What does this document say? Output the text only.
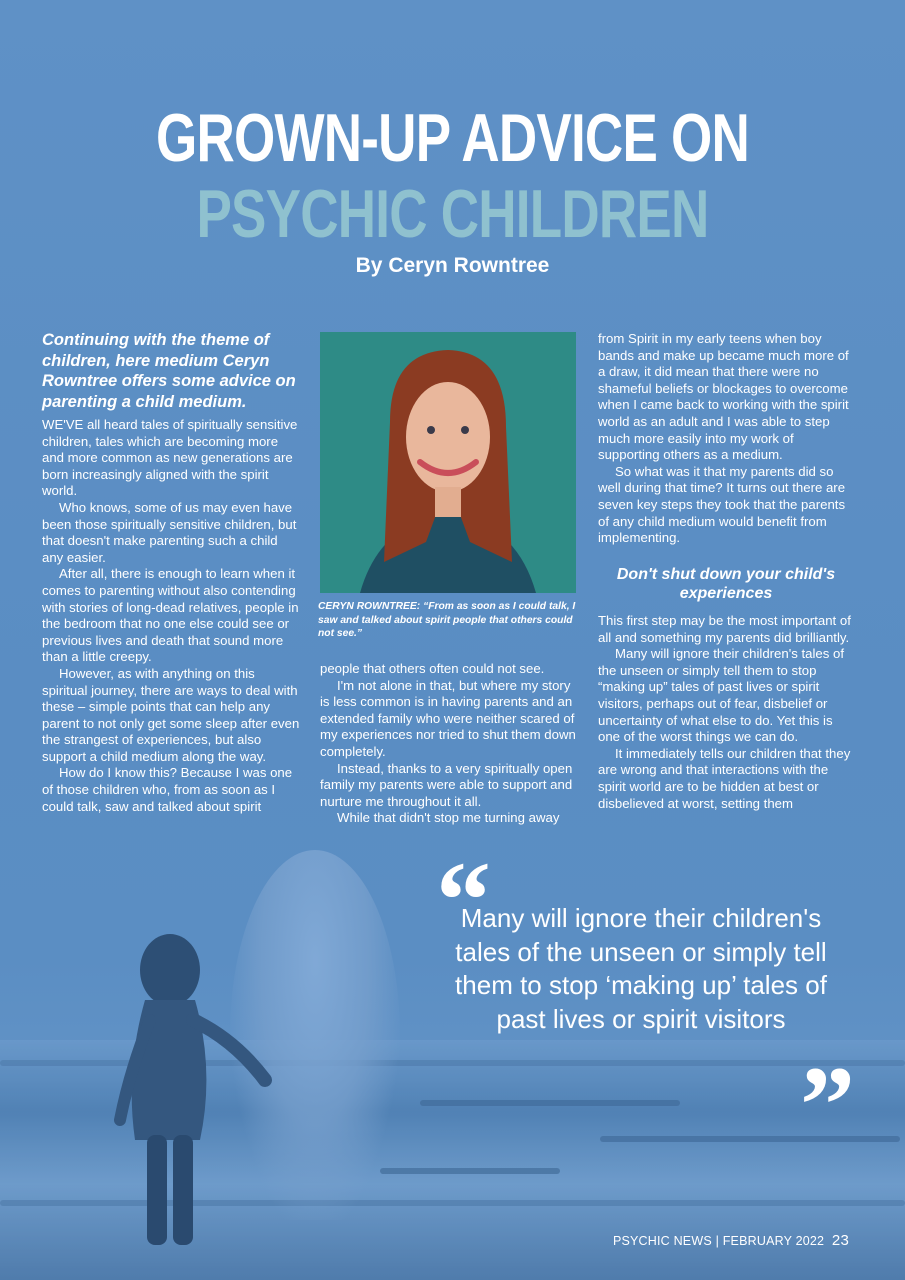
GROWN-UP ADVICE ON
PSYCHIC CHILDREN
By Ceryn Rowntree
Continuing with the theme of children, here medium Ceryn Rowntree offers some advice on parenting a child medium.

WE'VE all heard tales of spiritually sensitive children, tales which are becoming more and more common as new generations are born increasingly aligned with the spirit world.

Who knows, some of us may even have been those spiritually sensitive children, but that doesn't make parenting such a child any easier.

After all, there is enough to learn when it comes to parenting without also contending with stories of long-dead relatives, people in the bedroom that no one else could see or previous lives and death that sound more than a little creepy.

However, as with anything on this spiritual journey, there are ways to deal with these – simple points that can help any parent to not only get some sleep after even the strangest of experiences, but also support a child medium along the way.

How do I know this? Because I was one of those children who, from as soon as I could talk, saw and talked about spirit

CERYN ROWNTREE: “From as soon as I could talk, I saw and talked about spirit people that others could not see.”

people that others often could not see.

I'm not alone in that, but where my story is less common is in having parents and an extended family who were neither scared of my experiences nor tried to shut them down completely.

Instead, thanks to a very spiritually open family my parents were able to support and nurture me throughout it all.

While that didn't stop me turning away

from Spirit in my early teens when boy bands and make up became much more of a draw, it did mean that there were no shameful beliefs or blockages to overcome when I came back to working with the spirit world as an adult and I was able to step much more easily into my work of supporting others as a medium.

So what was it that my parents did so well during that time? It turns out there are seven key steps they took that the parents of any child medium would benefit from implementing.

Don't shut down your child's experiences

This first step may be the most important of all and something my parents did brilliantly.

Many will ignore their children's tales of the unseen or simply tell them to stop “making up” tales of past lives or spirit visitors, perhaps out of fear, disbelief or uncertainty of what else to do. Yet this is one of the worst things we can do.

It immediately tells our children that they are wrong and that interactions with the spirit world are to be hidden at best or disbelieved at worst, setting them

“
Many will ignore their children's tales of the unseen or simply tell them to stop ‘making up’ tales of past lives or spirit visitors
”
PSYCHIC NEWS | FEBRUARY 2022 23
